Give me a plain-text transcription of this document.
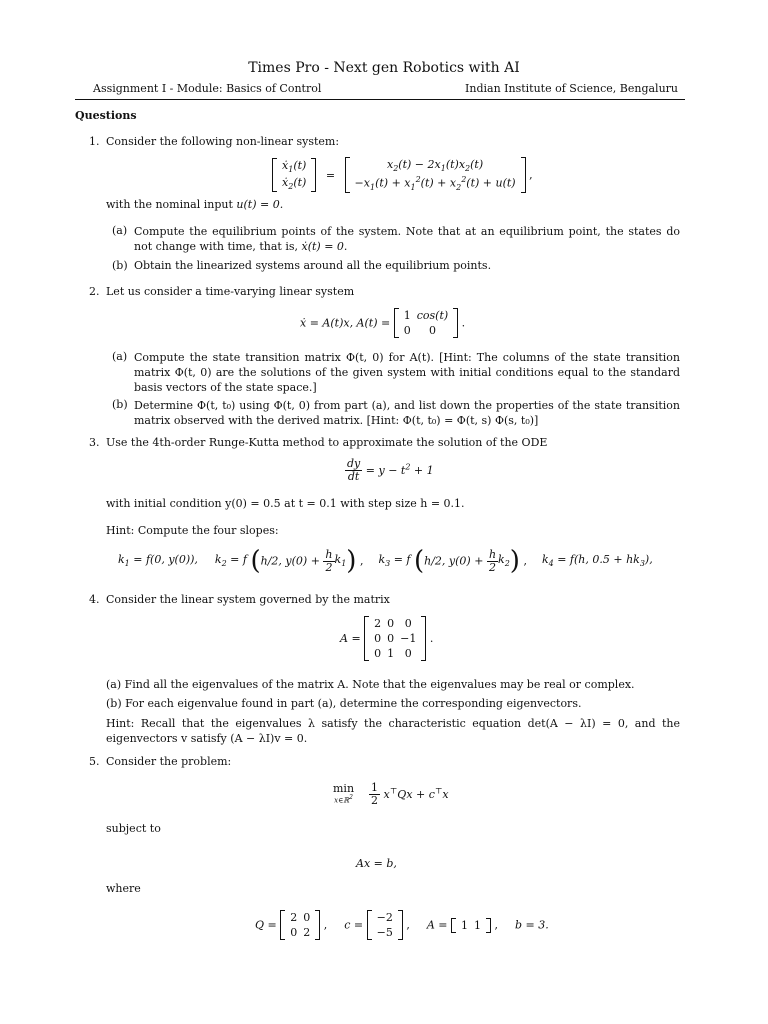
Times Pro - Next gen Robotics with AI
Assignment I - Module: Basics of Control	Indian Institute of Science, Bengaluru
Questions
1. Consider the following non-linear system:
ẋ$_1$(t)
ẋ$_2$(t)
=
$x_2(t) - 2x_1(t)x_2(t)$
$-x_1(t) + x_1^2(t) + x_2^2(t) + u(t)$
,
with the nominal input u(t) = 0.
(a) Compute the equilibrium points of the system. Note that at an equilibrium point, the states do not change with time, that is, ẋ(t) = 0.
(b) Obtain the linearized systems around all the equilibrium points.
2. Let us consider a time-varying linear system
ẋ = A(t)x, A(t) =
1 cos(t)
0	0
.
(a) Compute the state transition matrix Φ(t, 0) for A(t). [Hint: The columns of the state transition matrix Φ(t, 0) are the solutions of the given system with initial conditions equal to the standard basis vectors of the state space.]
(b) Determine Φ(t, t₀) using Φ(t, 0) from part (a), and list down the properties of the state transition matrix observed with the derived matrix. [Hint: Φ(t, t₀) = Φ(t, s) Φ(s, t₀)]
3. Use the 4th-order Runge-Kutta method to approximate the solution of the ODE
$\frac{dy}{dt} = y - t^2 + 1$
with initial condition y(0) = 0.5 at t = 0.1 with step size h = 0.1.
Hint: Compute the four slopes:
$k_1 = f(0$, y(0)), $k_2 = f$ (h/2, $y(0) + \frac{h}{2} k_1$) , $k_3 = f$ (h/2, $y(0) + \frac{h}{2} k_2$) , $k_4 = f(h$, $0.5 + hk_3$),
4. Consider the linear system governed by the matrix
A =
2 0 0
0 0 −1
0 1 0
.
(a) Find all the eigenvalues of the matrix A. Note that the eigenvalues may be real or complex.
(b) For each eigenvalue found in part (a), determine the corresponding eigenvectors.
Hint: Recall that the eigenvalues λ satisfy the characteristic equation det(A − λI) = 0, and the eigenvectors v satisfy (A − λI)v = 0.
5. Consider the problem:
min
x∈ℝ$^2$
$\frac{1}{2} x^⊤Qx + c^⊤x$
subject to
Ax = b,
where
Q =
2 0
0 2
, c =
−2
−5
, A = 1 1 , b = 3.
